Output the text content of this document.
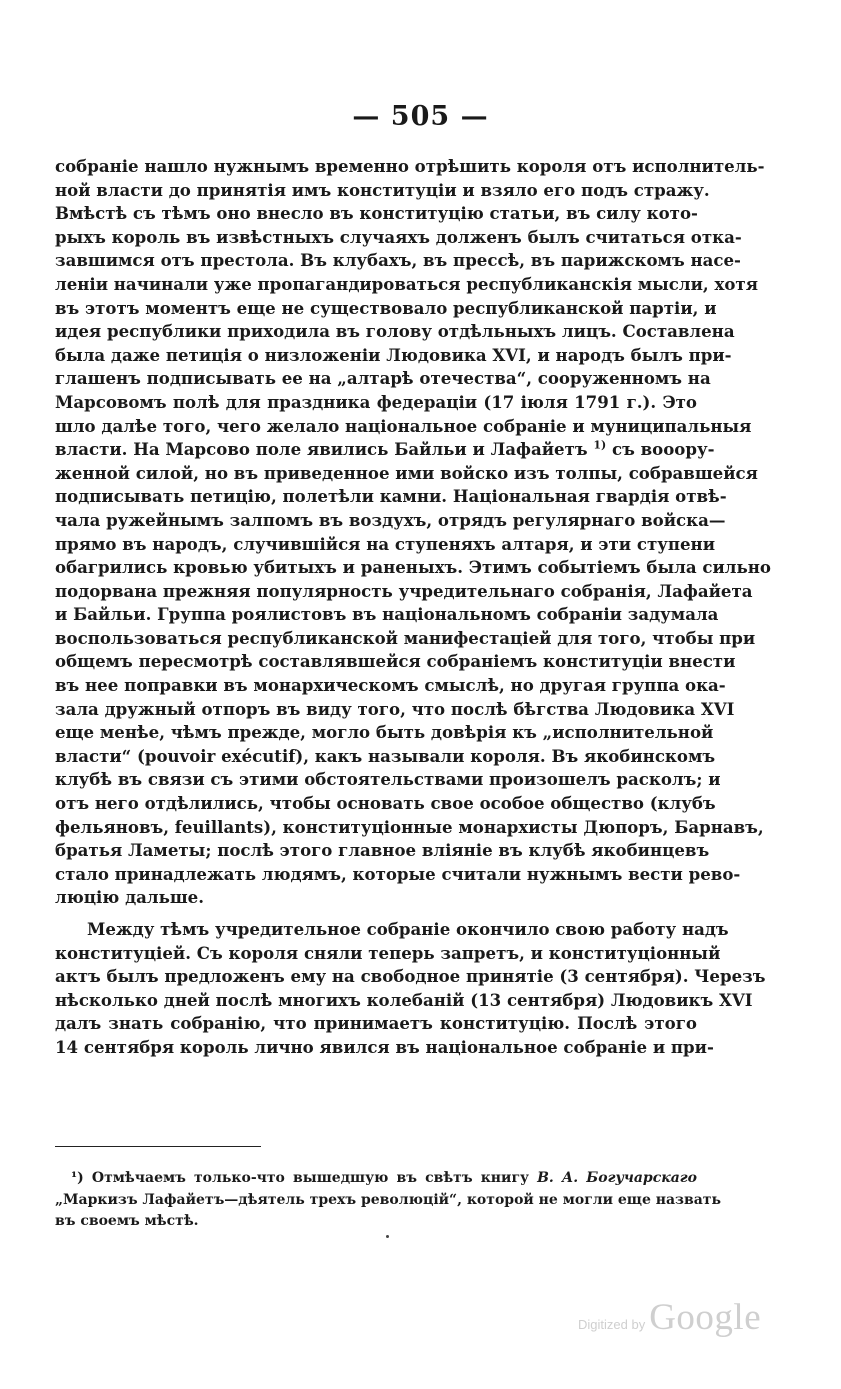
— 505 —
собраніе нашло нужнымъ временно отрѣшить короля отъ исполнитель-
ной власти до принятія имъ конституціи и взяло его подъ стражу.
Вмѣстѣ съ тѣмъ оно внесло въ конституцію статьи, въ силу кото-
рыхъ король въ извѣстныхъ случаяхъ долженъ былъ считаться отка-
завшимся отъ престола. Въ клубахъ, въ прессѣ, въ парижскомъ насе-
леніи начинали уже пропагандироваться республиканскія мысли, хотя
въ этотъ моментъ еще не существовало республиканской партіи, и
идея республики приходила въ голову отдѣльныхъ лицъ. Составлена
была даже петиція о низложеніи Людовика XVI, и народъ былъ при-
глашенъ подписывать ее на „алтарѣ отечества“, сооруженномъ на
Марсовомъ полѣ для праздника федераціи (17 іюля 1791 г.). Это
шло далѣе того, чего желало національное собраніе и муниципальныя
власти. На Марсово поле явились Байльи и Лафайетъ $^{1)}$ съ вооору-
женной силой, но въ приведенное ими войско изъ толпы, собравшейся
подписывать петицію, полетѣли камни. Національная гвардія отвѣ-
чала ружейнымъ залпомъ въ воздухъ, отрядъ регулярнаго войска—
прямо въ народъ, случившійся на ступеняхъ алтаря, и эти ступени
обагрились кровью убитыхъ и раненыхъ. Этимъ событіемъ была сильно
подорвана прежняя популярность учредительнаго собранія, Лафайета
и Байльи. Группа роялистовъ въ національномъ собраніи задумала
воспользоваться республиканской манифестаціей для того, чтобы при
общемъ пересмотрѣ составлявшейся собраніемъ конституціи внести
въ нее поправки въ монархическомъ смыслѣ, но другая группа ока-
зала дружный отпоръ въ виду того, что послѣ бѣгства Людовика XVI
еще менѣе, чѣмъ прежде, могло быть довѣрія къ „исполнительной
власти“ (pouvoir exécutif), какъ называли короля. Въ якобинскомъ
клубѣ въ связи съ этими обстоятельствами произошелъ расколъ; и
отъ него отдѣлились, чтобы основать свое особое общество (клубъ
фельяновъ, feuillants), конституціонные монархисты Дюпоръ, Барнавъ,
братья Ламеты; послѣ этого главное вліяніе въ клубѣ якобинцевъ
стало принадлежать людямъ, которые считали нужнымъ вести рево-
люцію дальше.
Между тѣмъ учредительное собраніе окончило свою работу надъ
конституціей. Съ короля сняли теперь запретъ, и конституціонный
актъ былъ предложенъ ему на свободное принятіе (3 сентября). Черезъ
нѣсколько дней послѣ многихъ колебаній (13 сентября) Людовикъ XVI
далъ знать собранію, что принимаетъ конституцію. Послѣ этого
14 сентября король лично явился въ національное собраніе и при-
¹) Отмѣчаемъ только-что вышедшую въ свѣтъ книгу В. А. Богучарскаго
„Маркизъ Лафайетъ—дѣятель трехъ революцій“, которой не могли еще назвать
въ своемъ мѣстѣ.
Digitized by Google
